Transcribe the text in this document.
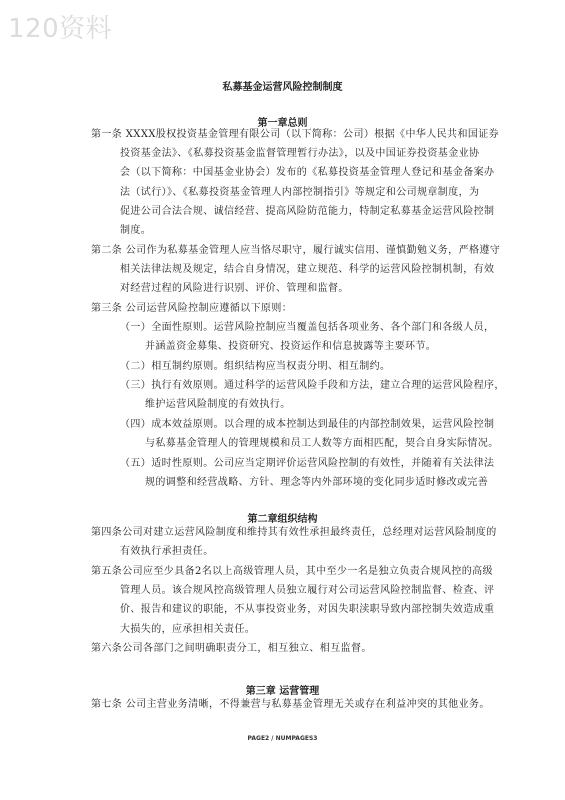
120资料
私募基金运营风险控制制度
第一章总则
第一条 XXXX股权投资基金管理有限公司（以下简称：公司）根据《中华人民共和国证券
投资基金法》、《私募投资基金监督管理暂行办法》，以及中国证券投资基金业协
会（以下简称：中国基金业协会）发布的《私募投资基金管理人登记和基金备案办
法（试行）》、《私募投资基金管理人内部控制指引》等规定和公司规章制度，为
促进公司合法合规、诚信经营、提高风险防范能力，特制定私募基金运营风险控制
制度。
第二条 公司作为私募基金管理人应当恪尽职守，履行诚实信用、谨慎勤勉义务，严格遵守
相关法律法规及规定，结合自身情况，建立规范、科学的运营风险控制机制，有效
对经营过程的风险进行识别、评价、管理和监督。
第三条 公司运营风险控制应遵循以下原则：
（一）全面性原则。运营风险控制应当覆盖包括各项业务、各个部门和各级人员，
并涵盖资金募集、投资研究、投资运作和信息披露等主要环节。
（二）相互制约原则。组织结构应当权责分明、相互制约。
（三）执行有效原则。通过科学的运营风险手段和方法，建立合理的运营风险程序，
维护运营风险制度的有效执行。
（四）成本效益原则。以合理的成本控制达到最佳的内部控制效果，运营风险控制
与私募基金管理人的管理规模和员工人数等方面相匹配，契合自身实际情况。
（五）适时性原则。公司应当定期评价运营风险控制的有效性，并随着有关法律法
规的调整和经营战略、方针、理念等内外部环境的变化同步适时修改或完善
第二章组织结构
第四条公司对建立运营风险制度和维持其有效性承担最终责任，总经理对运营风险制度的
有效执行承担责任。
第五条公司应至少具备2名以上高级管理人员，其中至少一名是独立负责合规风控的高级
管理人员。该合规风控高级管理人员独立履行对公司运营风险控制监督、检查、评
价、报告和建议的职能，不从事投资业务，对因失职渎职导致内部控制失效造成重
大损失的，应承担相关责任。
第六条公司各部门之间明确职责分工，相互独立、相互监督。
第三章 运营管理
第七条 公司主营业务清晰，不得兼营与私募基金管理无关或存在利益冲突的其他业务。
PAGE2 / NUMPAGES3
